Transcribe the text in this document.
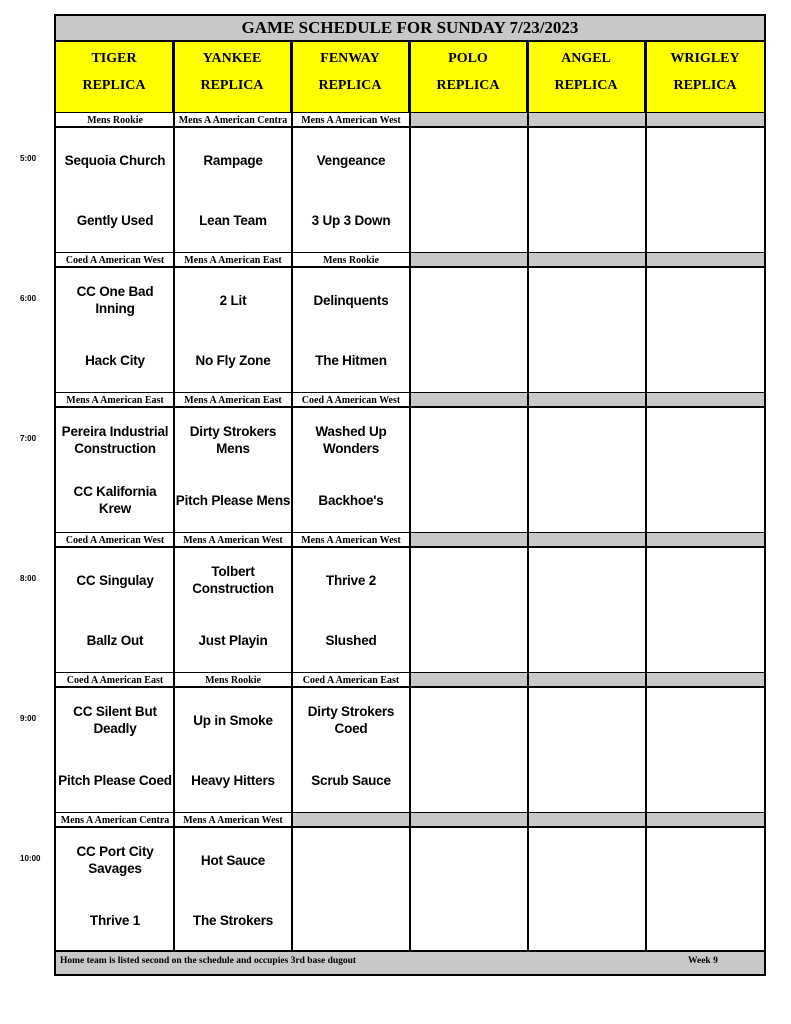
GAME SCHEDULE FOR SUNDAY 7/23/2023
TIGER
REPLICA
YANKEE
REPLICA
FENWAY
REPLICA
POLO
REPLICA
ANGEL
REPLICA
WRIGLEY
REPLICA
Mens Rookie
Sequoia Church
Gently Used
Mens A American Centra
Rampage
Lean Team
Mens A American West
Vengeance
3 Up 3 Down
Coed A American West
CC One Bad Inning
Hack City
Mens A American East
2 Lit
No Fly Zone
Mens Rookie
Delinquents
The Hitmen
Mens A American East
Pereira Industrial Construction
CC Kalifornia Krew
Mens A American East
Dirty Strokers Mens
Pitch Please Mens
Coed A American West
Washed Up Wonders
Backhoe's
Coed A American West
CC Singulay
Ballz Out
Mens A American West
Tolbert Construction
Just Playin
Mens A American West
Thrive 2
Slushed
Coed A American East
CC Silent But Deadly
Pitch Please Coed
Mens Rookie
Up in Smoke
Heavy Hitters
Coed A American East
Dirty Strokers Coed
Scrub Sauce
Mens A American Centra
CC Port City Savages
Thrive 1
Mens A American West
Hot Sauce
The Strokers
Home team is listed second on the schedule and occupies 3rd base dugout	Week 9
5:00
6:00
7:00
8:00
9:00
10:00
